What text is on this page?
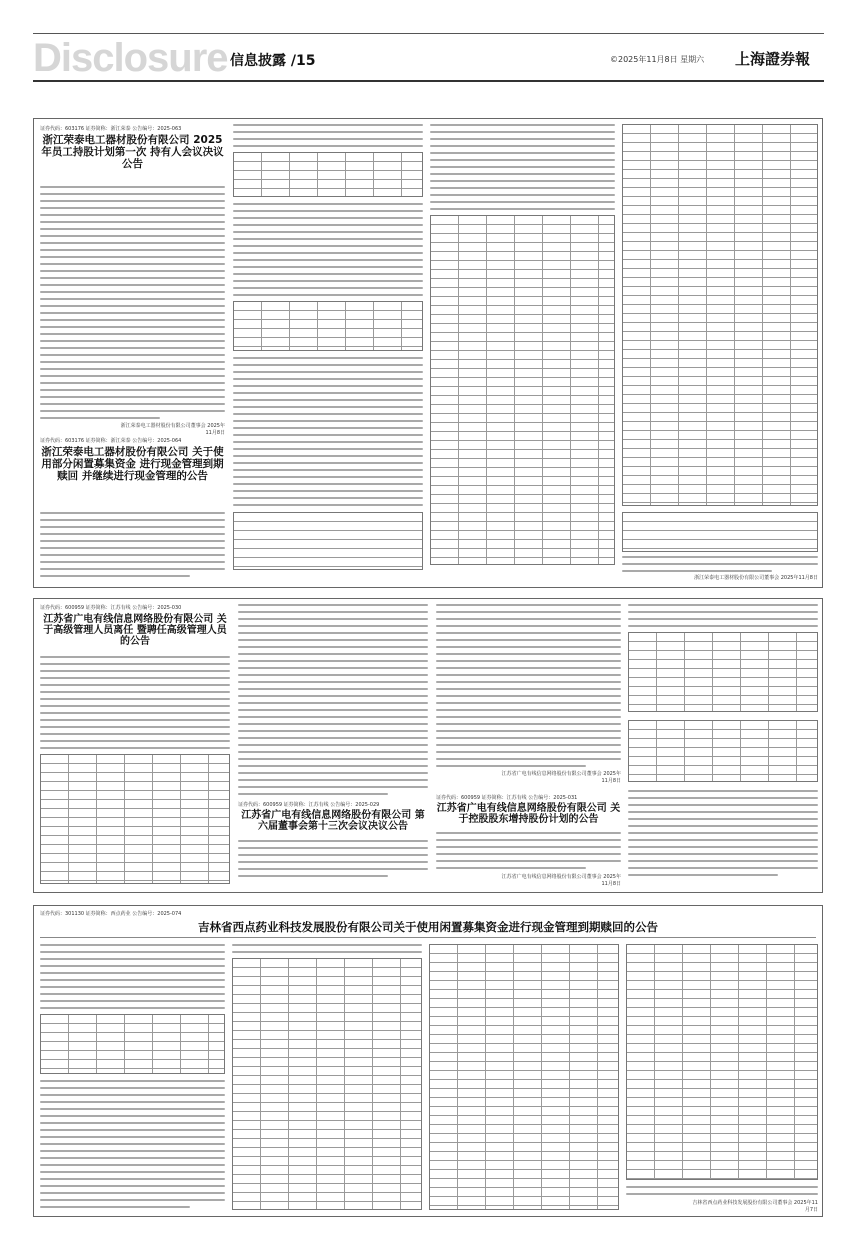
Disclosure 信息披露 /15	©2025年11月8日 星期六 上海證券報
证券代码：603176 证券简称：浙江荣泰 公告编号：2025-063
浙江荣泰电工器材股份有限公司 2025年员工持股计划第一次 持有人会议决议公告
浙江荣泰电工器材股份有限公司董事会 2025年11月8日
证券代码：603176 证券简称：浙江荣泰 公告编号：2025-064
浙江荣泰电工器材股份有限公司 关于使用部分闲置募集资金 进行现金管理到期赎回 并继续进行现金管理的公告
浙江荣泰电工器材股份有限公司董事会 2025年11月8日
证券代码：600959 证券简称：江苏有线 公告编号：2025-030
江苏省广电有线信息网络股份有限公司 关于高级管理人员离任 暨聘任高级管理人员的公告
证券代码：600959 证券简称：江苏有线 公告编号：2025-029
江苏省广电有线信息网络股份有限公司 第六届董事会第十三次会议决议公告
江苏省广电有线信息网络股份有限公司董事会 2025年11月8日
证券代码：600959 证券简称：江苏有线 公告编号：2025-031
江苏省广电有线信息网络股份有限公司 关于控股股东增持股份计划的公告
江苏省广电有线信息网络股份有限公司董事会 2025年11月8日
证券代码：301130 证券简称：西点药业 公告编号：2025-074
吉林省西点药业科技发展股份有限公司关于使用闲置募集资金进行现金管理到期赎回的公告
吉林省西点药业科技发展股份有限公司董事会 2025年11月7日
